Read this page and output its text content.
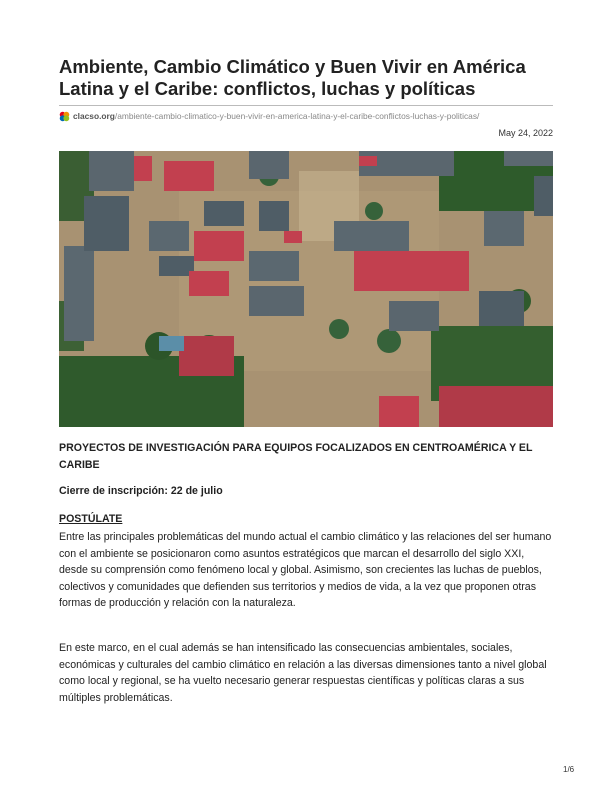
Ambiente, Cambio Climático y Buen Vivir en América Latina y el Caribe: conflictos, luchas y políticas
clacso.org/ambiente-cambio-climatico-y-buen-vivir-en-america-latina-y-el-caribe-conflictos-luchas-y-politicas/
May 24, 2022

PROYECTOS DE INVESTIGACIÓN PARA EQUIPOS FOCALIZADOS EN CENTROAMÉRICA Y EL CARIBE

Cierre de inscripción: 22 de julio
POSTÚLATE

Entre las principales problemáticas del mundo actual el cambio climático y las relaciones del ser humano con el ambiente se posicionaron como asuntos estratégicos que marcan el desarrollo del siglo XXI, desde su comprensión como fenómeno local y global. Asimismo, son crecientes las luchas de pueblos, colectivos y comunidades que defienden sus territorios y medios de vida, a la vez que proponen otras formas de producción y relación con la naturaleza.

En este marco, en el cual además se han intensificado las consecuencias ambientales, sociales, económicas y culturales del cambio climático en relación a las diversas dimensiones tanto a nivel global como local y regional, se ha vuelto necesario generar respuestas científicas y políticas claras a sus múltiples problemáticas.

1/6
